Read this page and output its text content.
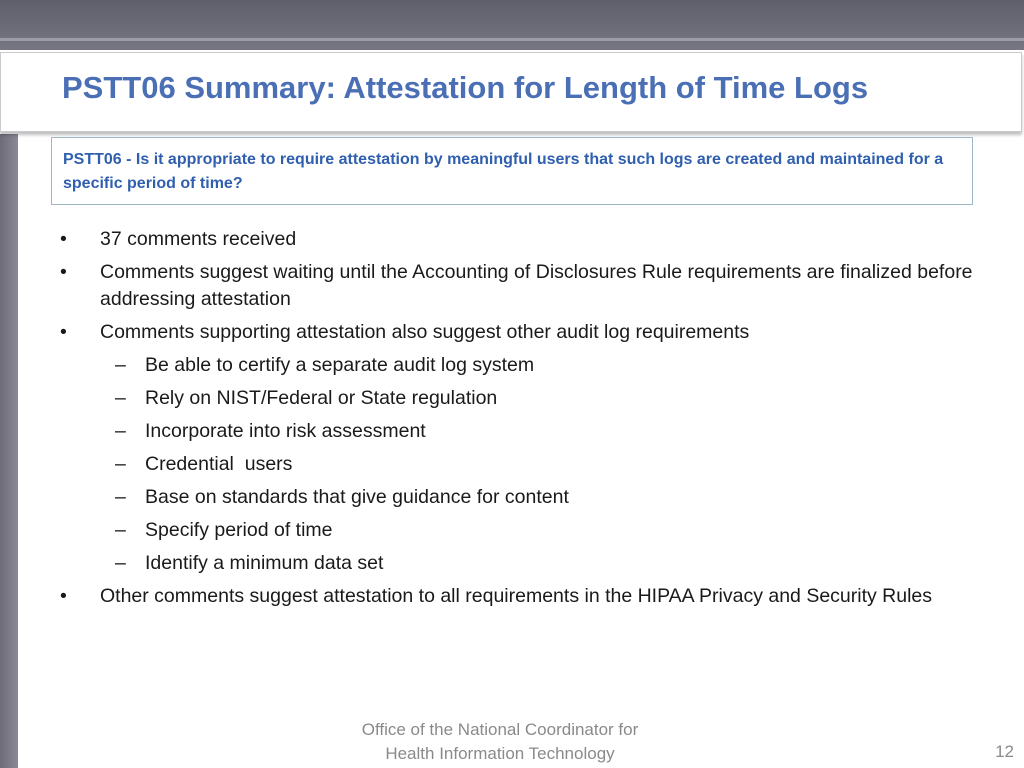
PSTT06 Summary: Attestation for Length of Time Logs
PSTT06 - Is it appropriate to require attestation by meaningful users that such logs are created and maintained for a specific period of time?
• 37 comments received
• Comments suggest waiting until the Accounting of Disclosures Rule requirements are finalized before addressing attestation
• Comments supporting attestation also suggest other audit log requirements
– Be able to certify a separate audit log system
– Rely on NIST/Federal or State regulation
– Incorporate into risk assessment
– Credential  users
– Base on standards that give guidance for content
– Specify period of time
– Identify a minimum data set
• Other comments suggest attestation to all requirements in the HIPAA Privacy and Security Rules
Office of the National Coordinator for
Health Information Technology	12
